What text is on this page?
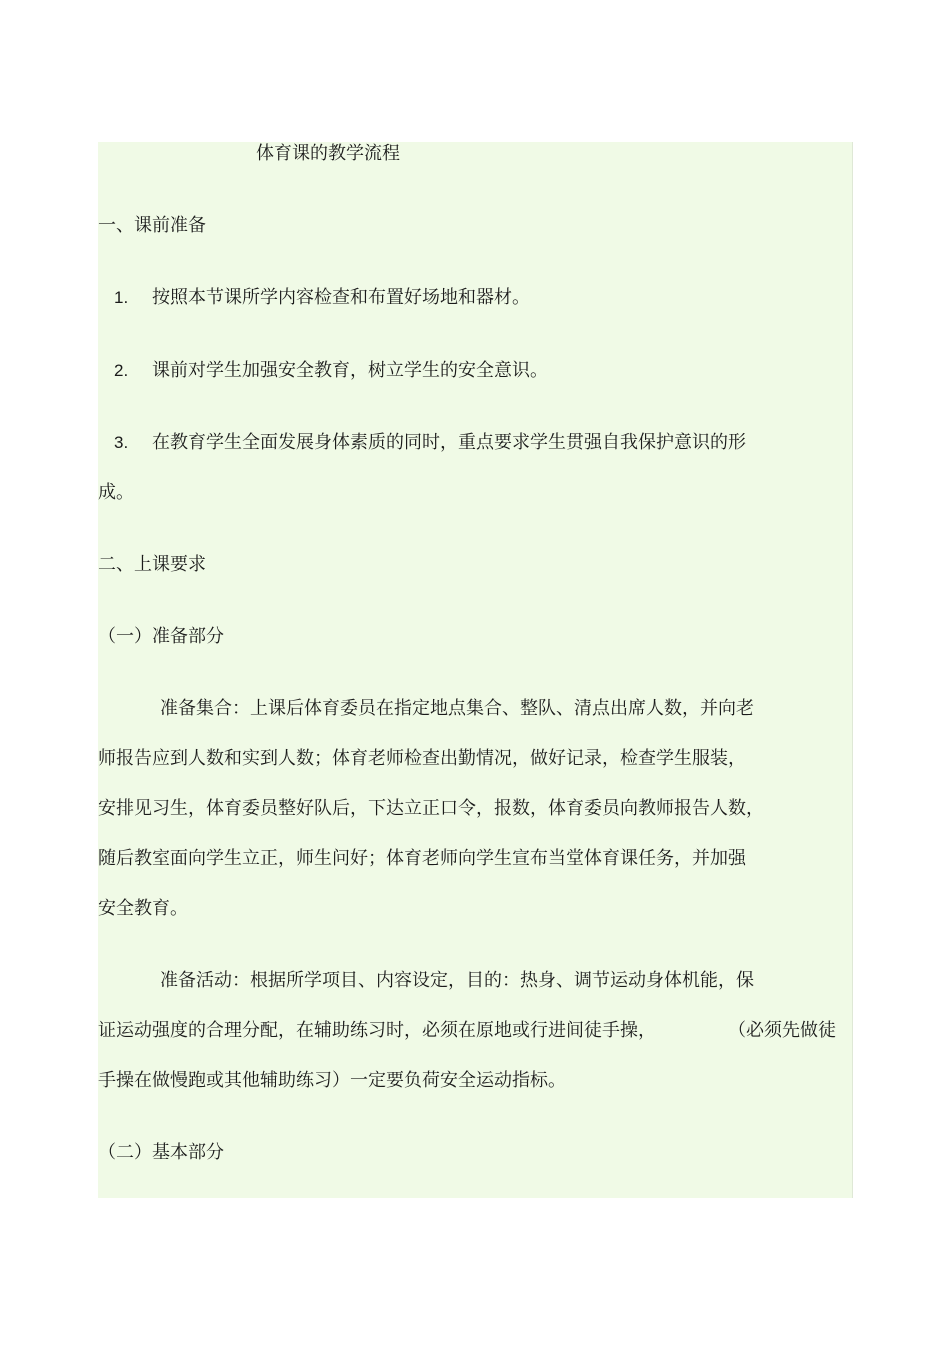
体育课的教学流程
一、课前准备
1. 按照本节课所学内容检查和布置好场地和器材。
2. 课前对学生加强安全教育，树立学生的安全意识。
3. 在教育学生全面发展身体素质的同时，重点要求学生贯强自我保护意识的形
成。
二、上课要求
（一）准备部分
准备集合：上课后体育委员在指定地点集合、整队、清点出席人数，并向老
师报告应到人数和实到人数；体育老师检查出勤情况，做好记录，检查学生服装，
安排见习生，体育委员整好队后，下达立正口令，报数，体育委员向教师报告人数，
随后教室面向学生立正，师生问好；体育老师向学生宣布当堂体育课任务，并加强
安全教育。
准备活动：根据所学项目、内容设定，目的：热身、调节运动身体机能，保
证运动强度的合理分配，在辅助练习时，必须在原地或行进间徒手操，	（必须先做徒
手操在做慢跑或其他辅助练习）一定要负荷安全运动指标。
（二）基本部分
